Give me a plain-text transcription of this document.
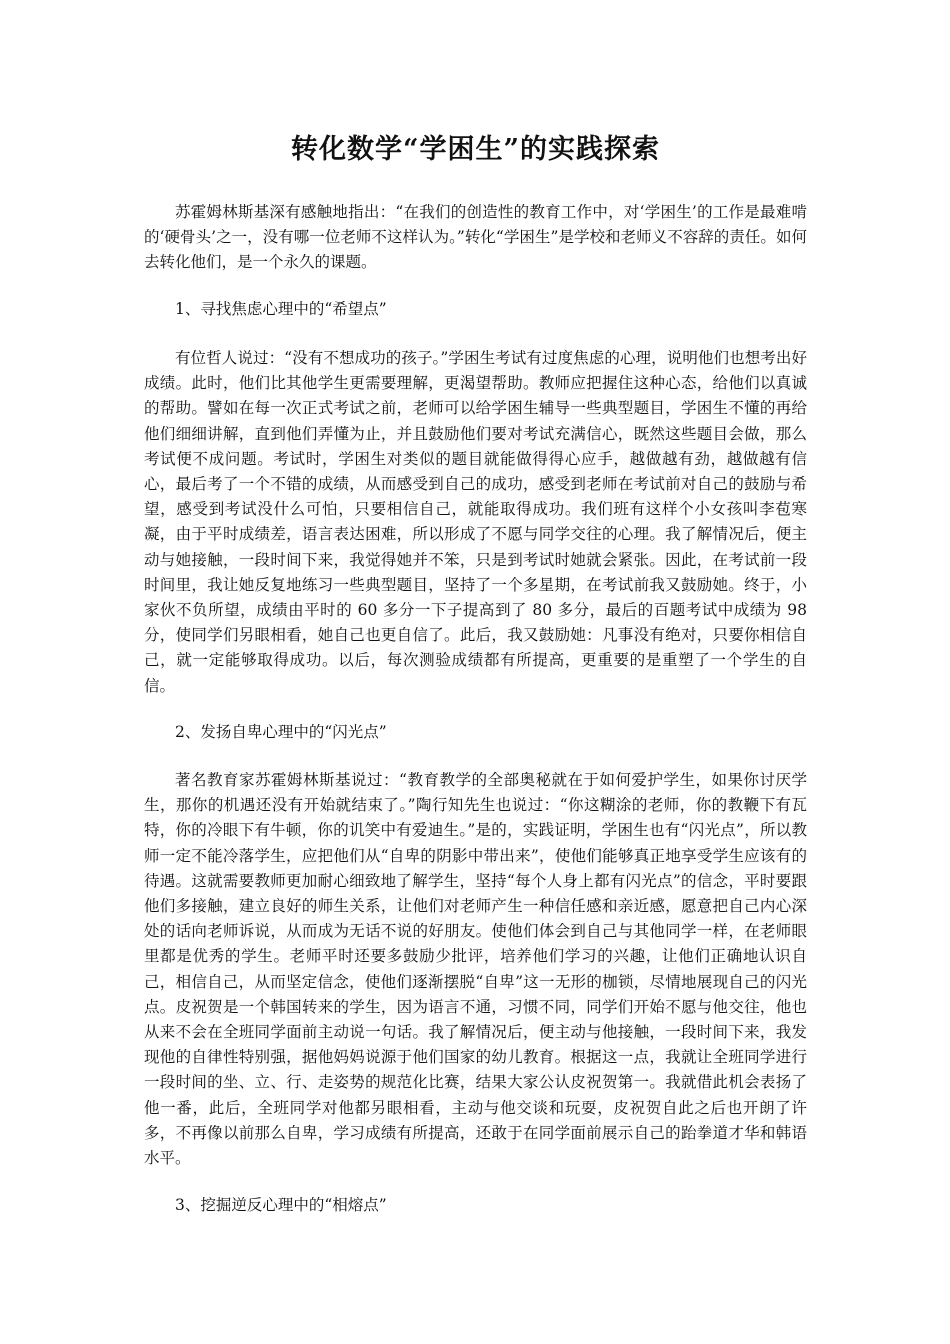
转化数学“学困生”的实践探索

苏霍姆林斯基深有感触地指出：“在我们的创造性的教育工作中，对‘学困生’的工作是最难啃的‘硬骨头’之一，没有哪一位老师不这样认为。”转化“学困生”是学校和老师义不容辞的责任。如何去转化他们，是一个永久的课题。

1、寻找焦虑心理中的“希望点”

有位哲人说过：“没有不想成功的孩子。”学困生考试有过度焦虑的心理，说明他们也想考出好成绩。此时，他们比其他学生更需要理解，更渴望帮助。教师应把握住这种心态，给他们以真诚的帮助。譬如在每一次正式考试之前，老师可以给学困生辅导一些典型题目，学困生不懂的再给他们细细讲解，直到他们弄懂为止，并且鼓励他们要对考试充满信心，既然这些题目会做，那么考试便不成问题。考试时，学困生对类似的题目就能做得得心应手，越做越有劲，越做越有信心，最后考了一个不错的成绩，从而感受到自己的成功，感受到老师在考试前对自己的鼓励与希望，感受到考试没什么可怕，只要相信自己，就能取得成功。我们班有这样个小女孩叫李苞寒凝，由于平时成绩差，语言表达困难，所以形成了不愿与同学交往的心理。我了解情况后，便主动与她接触，一段时间下来，我觉得她并不笨，只是到考试时她就会紧张。因此，在考试前一段时间里，我让她反复地练习一些典型题目，坚持了一个多星期，在考试前我又鼓励她。终于，小家伙不负所望，成绩由平时的 60 多分一下子提高到了 80 多分，最后的百题考试中成绩为 98 分，使同学们另眼相看，她自己也更自信了。此后，我又鼓励她：凡事没有绝对，只要你相信自己，就一定能够取得成功。以后，每次测验成绩都有所提高，更重要的是重塑了一个学生的自信。

2、发扬自卑心理中的“闪光点”

著名教育家苏霍姆林斯基说过：“教育教学的全部奥秘就在于如何爱护学生，如果你讨厌学生，那你的机遇还没有开始就结束了。”陶行知先生也说过：“你这糊涂的老师，你的教鞭下有瓦特，你的冷眼下有牛顿，你的讥笑中有爱迪生。”是的，实践证明，学困生也有“闪光点”，所以教师一定不能冷落学生，应把他们从“自卑的阴影中带出来”，使他们能够真正地享受学生应该有的待遇。这就需要教师更加耐心细致地了解学生，坚持“每个人身上都有闪光点”的信念，平时要跟他们多接触，建立良好的师生关系，让他们对老师产生一种信任感和亲近感，愿意把自己内心深处的话向老师诉说，从而成为无话不说的好朋友。使他们体会到自己与其他同学一样，在老师眼里都是优秀的学生。老师平时还要多鼓励少批评，培养他们学习的兴趣，让他们正确地认识自己，相信自己，从而坚定信念，使他们逐渐摆脱“自卑”这一无形的枷锁，尽情地展现自己的闪光点。皮祝贺是一个韩国转来的学生，因为语言不通，习惯不同，同学们开始不愿与他交往，他也从来不会在全班同学面前主动说一句话。我了解情况后，便主动与他接触，一段时间下来，我发现他的自律性特别强，据他妈妈说源于他们国家的幼儿教育。根据这一点，我就让全班同学进行一段时间的坐、立、行、走姿势的规范化比赛，结果大家公认皮祝贺第一。我就借此机会表扬了他一番，此后，全班同学对他都另眼相看，主动与他交谈和玩耍，皮祝贺自此之后也开朗了许多，不再像以前那么自卑，学习成绩有所提高，还敢于在同学面前展示自己的跆拳道才华和韩语水平。

3、挖掘逆反心理中的“相熔点”
